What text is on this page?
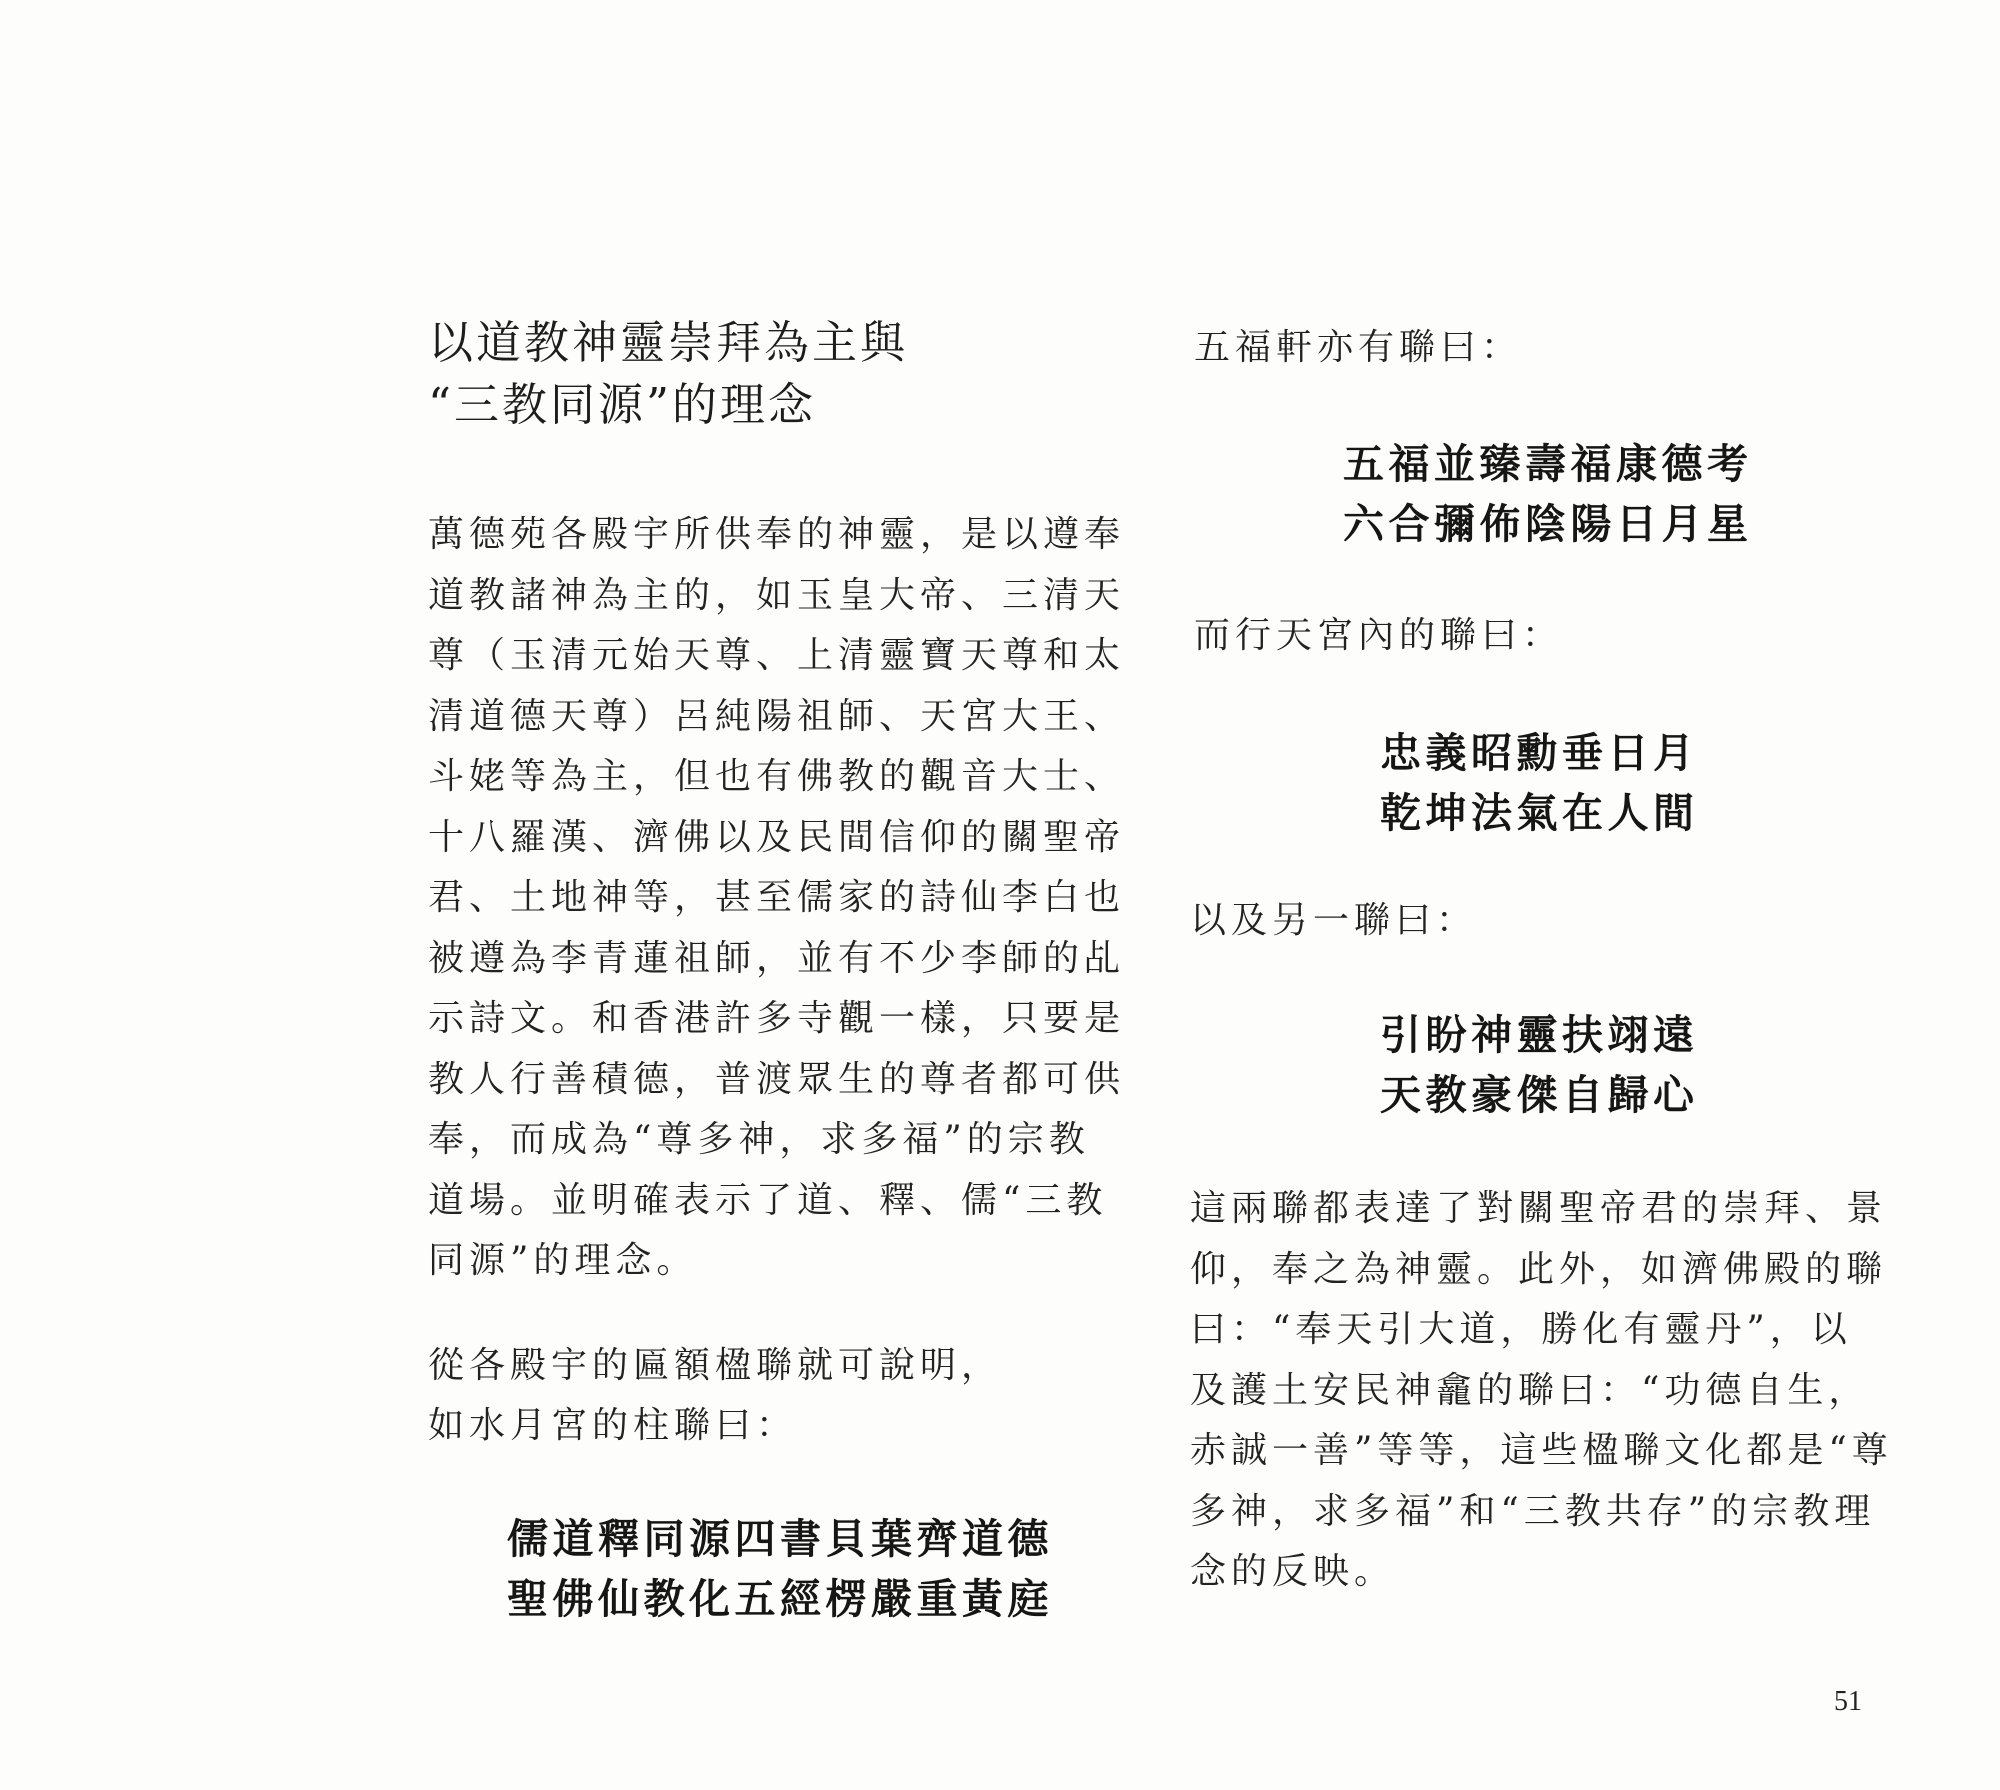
以道教神靈崇拜為主與
“三教同源”的理念

萬德苑各殿宇所供奉的神靈，是以遵奉
道教諸神為主的，如玉皇大帝、三清天
尊（玉清元始天尊、上清靈寶天尊和太
清道德天尊）呂純陽祖師、天宮大王、
斗姥等為主，但也有佛教的觀音大士、
十八羅漢、濟佛以及民間信仰的關聖帝
君、土地神等，甚至儒家的詩仙李白也
被遵為李青蓮祖師，並有不少李師的乩
示詩文。和香港許多寺觀一樣，只要是
教人行善積德，普渡眾生的尊者都可供
奉，而成為“尊多神，求多福”的宗教
道場。並明確表示了道、釋、儒“三教
同源”的理念。

從各殿宇的匾額楹聯就可說明，
如水月宮的柱聯曰：

儒道釋同源四書貝葉齊道德
聖佛仙教化五經楞嚴重黃庭

五福軒亦有聯曰：

五福並臻壽福康德考
六合彌佈陰陽日月星

而行天宮內的聯曰：

忠義昭勳垂日月
乾坤法氣在人間

以及另一聯曰：

引盼神靈扶翊遠
天教豪傑自歸心

這兩聯都表達了對關聖帝君的崇拜、景
仰，奉之為神靈。此外，如濟佛殿的聯
曰：“奉天引大道，勝化有靈丹”，以
及護土安民神龕的聯曰：“功德自生，
赤誠一善”等等，這些楹聯文化都是“尊
多神，求多福”和“三教共存”的宗教理
念的反映。

51
